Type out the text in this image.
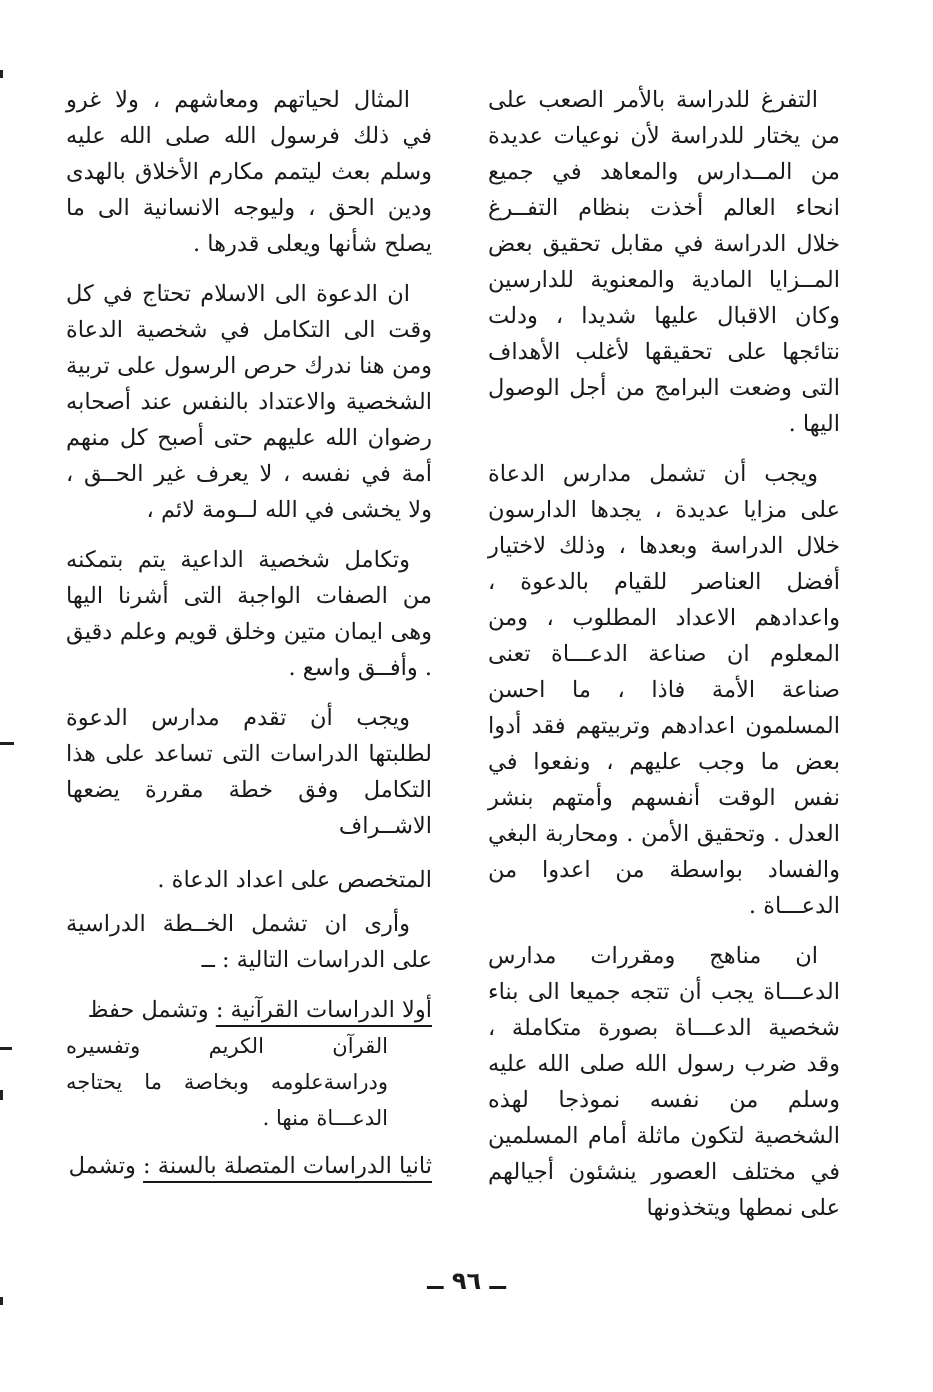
التفرغ للدراسة بالأمر الصعب على من يختار للدراسة لأن نوعيات عديدة من المــدارس والمعاهد في جميع انحاء العالم أخذت بنظام التفــرغ خلال الدراسة في مقابل تحقيق بعض المــزايا المادية والمعنوية للدارسين وكان الاقبال عليها شديدا ، ودلت نتائجها على تحقيقها لأغلب الأهداف التى وضعت البرامج من أجل الوصول اليها .

ويجب أن تشمل مدارس الدعاة على مزايا عديدة ، يجدها الدارسون خلال الدراسة وبعدها ، وذلك لاختيار أفضل العناصر للقيام بالدعوة ، واعدادهم الاعداد المطلوب ، ومن المعلوم ان صناعة الدعـــاة تعنى صناعة الأمة فاذا ، ما احسن المسلمون اعدادهم وتربيتهم فقد أدوا بعض ما وجب عليهم ، ونفعوا في نفس الوقت أنفسهم وأمتهم بنشر العدل . وتحقيق الأمن . ومحاربة البغي والفساد بواسطة من اعدوا من الدعـــاة .

ان مناهج ومقررات مدارس الدعـــاة يجب أن تتجه جميعا الى بناء شخصية الدعـــاة بصورة متكاملة ، وقد ضرب رسول الله صلى الله عليه وسلم من نفسه نموذجا لهذه الشخصية لتكون ماثلة أمام المسلمين في مختلف العصور ينشئون أجيالهم على نمطها ويتخذونها

المثال لحياتهم ومعاشهم ، ولا غرو في ذلك فرسول الله صلى الله عليه وسلم بعث ليتمم مكارم الأخلاق بالهدى ودين الحق ، وليوجه الانسانية الى ما يصلح شأنها ويعلى قدرها .

ان الدعوة الى الاسلام تحتاج في كل وقت الى التكامل في شخصية الدعاة ومن هنا ندرك حرص الرسول على تربية الشخصية والاعتداد بالنفس عند أصحابه رضوان الله عليهم حتى أصبح كل منهم أمة في نفسه ، لا يعرف غير الحــق ، ولا يخشى في الله لــومة لائم ،

وتكامل شخصية الداعية يتم بتمكنه من الصفات الواجبة التى أشرنا اليها وهى ايمان متين وخلق قويم وعلم دقيق . وأفــق واسع .

ويجب أن تقدم مدارس الدعوة لطلبتها الدراسات التى تساعد على هذا التكامل وفق خطة مقررة يضعها الاشــراف

المتخصص على اعداد الدعاة .

وأرى ان تشمل الخــطة الدراسية على الدراسات التالية : ــ

أولا الدراسات القرآنية : وتشمل حفظ

القرآن الكريم وتفسيره ودراسةعلومه وبخاصة ما يحتاجه الدعـــاة منها .

ثانيا الدراسات المتصلة بالسنة : وتشمل

ــ ٩٦ ــ
